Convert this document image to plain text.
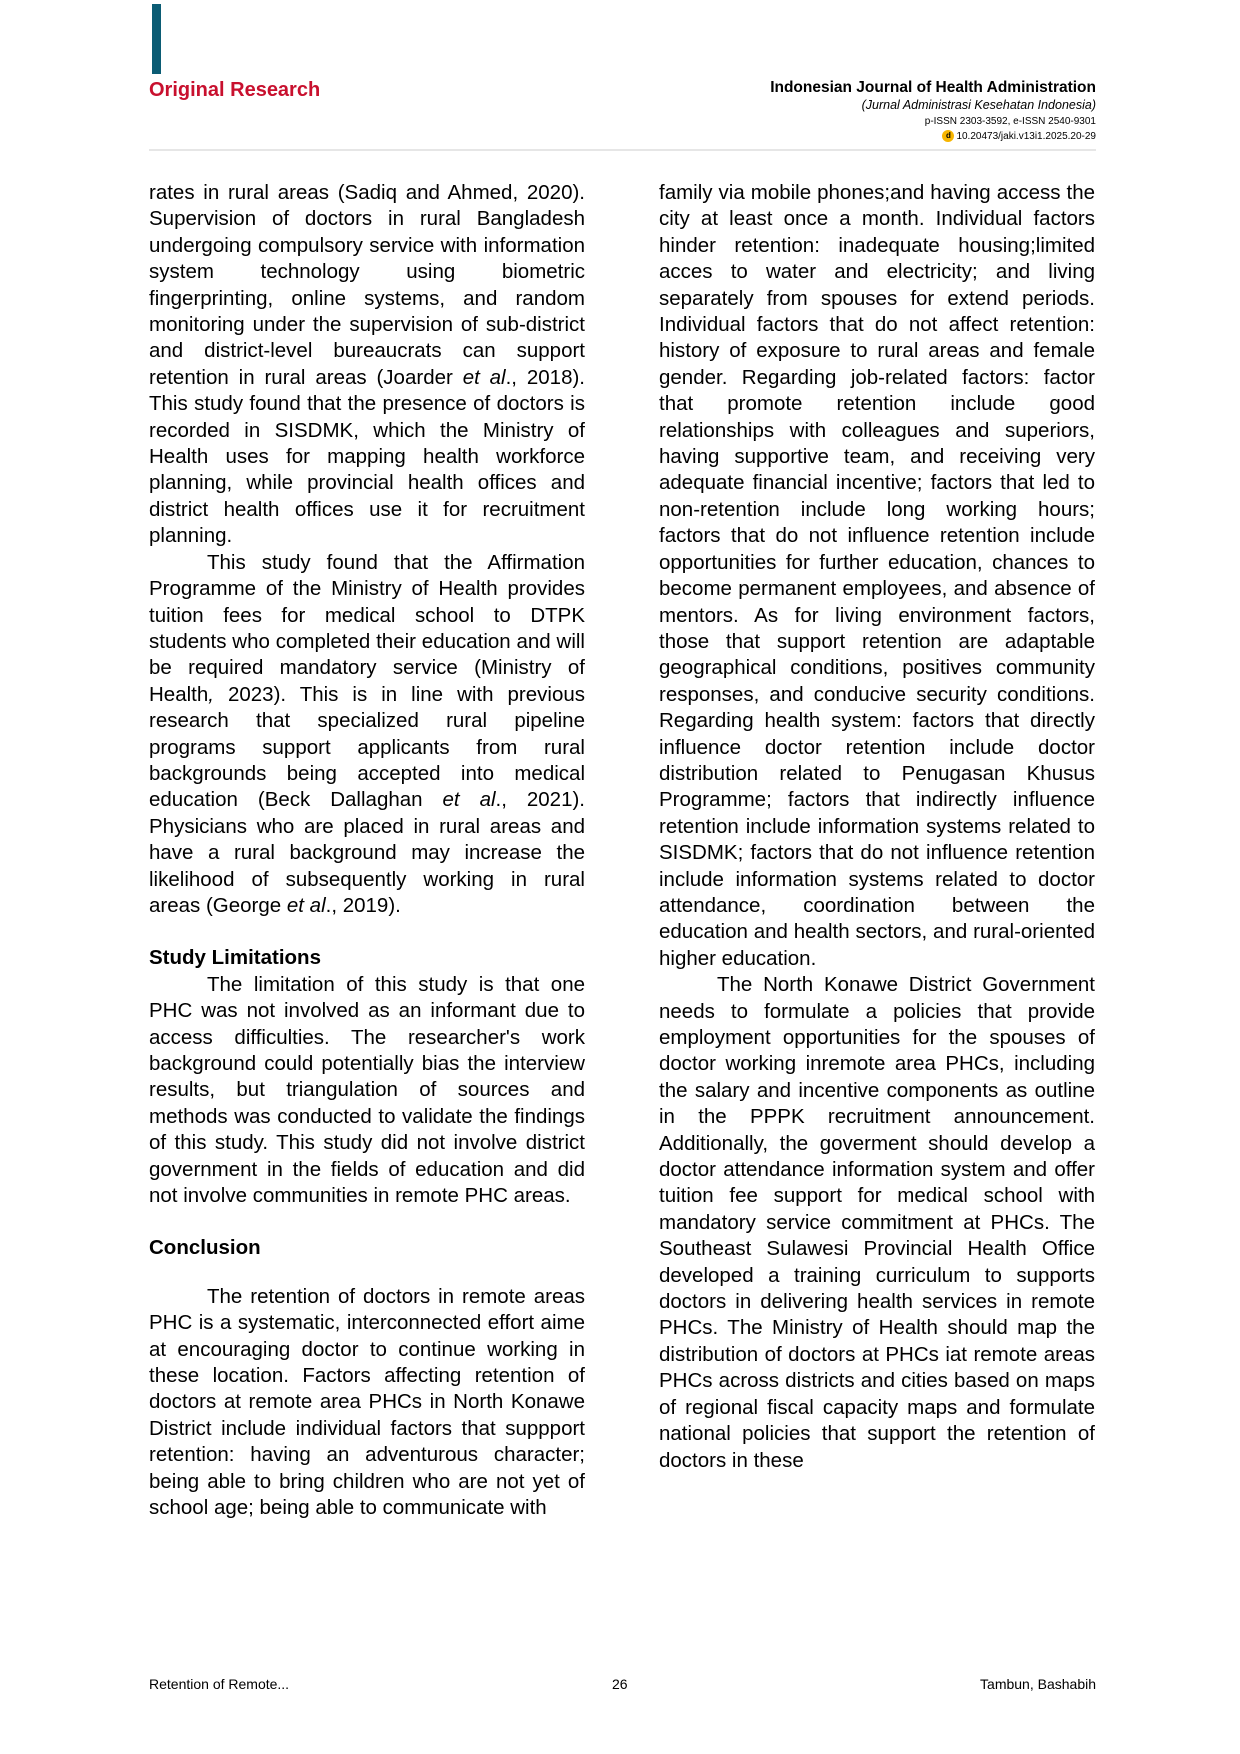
Original Research	Indonesian Journal of Health Administration
(Jurnal Administrasi Kesehatan Indonesia)
p-ISSN 2303-3592, e-ISSN 2540-9301
d 10.20473/jaki.v13i1.2025.20-29

rates in rural areas (Sadiq and Ahmed, 2020). Supervision of doctors in rural Bangladesh undergoing compulsory service with information system technology using biometric fingerprinting, online systems, and random monitoring under the supervision of sub-district and district-level bureaucrats can support retention in rural areas (Joarder et al., 2018). This study found that the presence of doctors is recorded in SISDMK, which the Ministry of Health uses for mapping health workforce planning, while provincial health offices and district health offices use it for recruitment planning.

This study found that the Affirmation Programme of the Ministry of Health provides tuition fees for medical school to DTPK students who completed their education and will be required mandatory service (Ministry of Health, 2023). This is in line with previous research that specialized rural pipeline programs support applicants from rural backgrounds being accepted into medical education (Beck Dallaghan et al., 2021). Physicians who are placed in rural areas and have a rural background may increase the likelihood of subsequently working in rural areas (George et al., 2019).

Study Limitations

The limitation of this study is that one PHC was not involved as an informant due to access difficulties. The researcher's work background could potentially bias the interview results, but triangulation of sources and methods was conducted to validate the findings of this study. This study did not involve district government in the fields of education and did not involve communities in remote PHC areas.

Conclusion

The retention of doctors in remote areas PHC is a systematic, interconnected effort aime at encouraging doctor to continue working in these location. Factors affecting retention of doctors at remote area PHCs in North Konawe District include individual factors that suppport retention: having an adventurous character; being able to bring children who are not yet of school age; being able to communicate with

family via mobile phones;and having access the city at least once a month. Individual factors hinder retention: inadequate housing;limited acces to water and electricity; and living separately from spouses for extend periods. Individual factors that do not affect retention: history of exposure to rural areas and female gender. Regarding job-related factors: factor that promote retention include good relationships with colleagues and superiors, having supportive team, and receiving very adequate financial incentive; factors that led to non-retention include long working hours; factors that do not influence retention include opportunities for further education, chances to become permanent employees, and absence of mentors. As for living environment factors, those that support retention are adaptable geographical conditions, positives community responses, and conducive security conditions. Regarding health system: factors that directly influence doctor retention include doctor distribution related to Penugasan Khusus Programme; factors that indirectly influence retention include information systems related to SISDMK; factors that do not influence retention include information systems related to doctor attendance, coordination between the education and health sectors, and rural-oriented higher education.

The North Konawe District Government needs to formulate a policies that provide employment opportunities for the spouses of doctor working inremote area PHCs, including the salary and incentive components as outline in the PPPK recruitment announcement. Additionally, the goverment should develop a doctor attendance information system and offer tuition fee support for medical school with mandatory service commitment at PHCs. The Southeast Sulawesi Provincial Health Office developed a training curriculum to supports doctors in delivering health services in remote PHCs. The Ministry of Health should map the distribution of doctors at PHCs iat remote areas PHCs across districts and cities based on maps of regional fiscal capacity maps and formulate national policies that support the retention of doctors in these

Retention of Remote...	26	Tambun, Bashabih
